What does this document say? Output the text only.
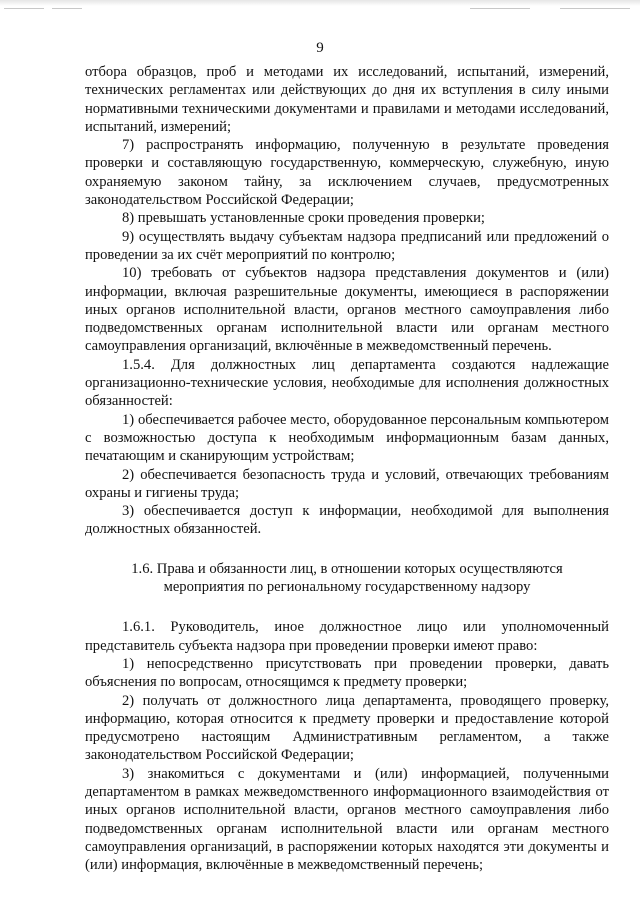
9

отбора образцов, проб и методами их исследований, испытаний, измерений, технических регламентах или действующих до дня их вступления в силу иными нормативными техническими документами и правилами и методами исследований, испытаний, измерений;

7) распространять информацию, полученную в результате проведения проверки и составляющую государственную, коммерческую, служебную, иную охраняемую законом тайну, за исключением случаев, предусмотренных законодательством Российской Федерации;

8) превышать установленные сроки проведения проверки;

9) осуществлять выдачу субъектам надзора предписаний или предложений о проведении за их счёт мероприятий по контролю;

10) требовать от субъектов надзора представления документов и (или) информации, включая разрешительные документы, имеющиеся в распоряжении иных органов исполнительной власти, органов местного самоуправления либо подведомственных органам исполнительной власти или органам местного самоуправления организаций, включённые в межведомственный перечень.

1.5.4. Для должностных лиц департамента создаются надлежащие организационно-технические условия, необходимые для исполнения должностных обязанностей:

1) обеспечивается рабочее место, оборудованное персональным компьютером с возможностью доступа к необходимым информационным базам данных, печатающим и сканирующим устройствам;

2) обеспечивается безопасность труда и условий, отвечающих требованиям охраны и гигиены труда;

3) обеспечивается доступ к информации, необходимой для выполнения должностных обязанностей.

1.6. Права и обязанности лиц, в отношении которых осуществляются мероприятия по региональному государственному надзору

1.6.1. Руководитель, иное должностное лицо или уполномоченный представитель субъекта надзора при проведении проверки имеют право:

1) непосредственно присутствовать при проведении проверки, давать объяснения по вопросам, относящимся к предмету проверки;

2) получать от должностного лица департамента, проводящего проверку, информацию, которая относится к предмету проверки и предоставление которой предусмотрено настоящим Административным регламентом, а также законодательством Российской Федерации;

3) знакомиться с документами и (или) информацией, полученными департаментом в рамках межведомственного информационного взаимодействия от иных органов исполнительной власти, органов местного самоуправления либо подведомственных органам исполнительной власти или органам местного самоуправления организаций, в распоряжении которых находятся эти документы и (или) информация, включённые в межведомственный перечень;
